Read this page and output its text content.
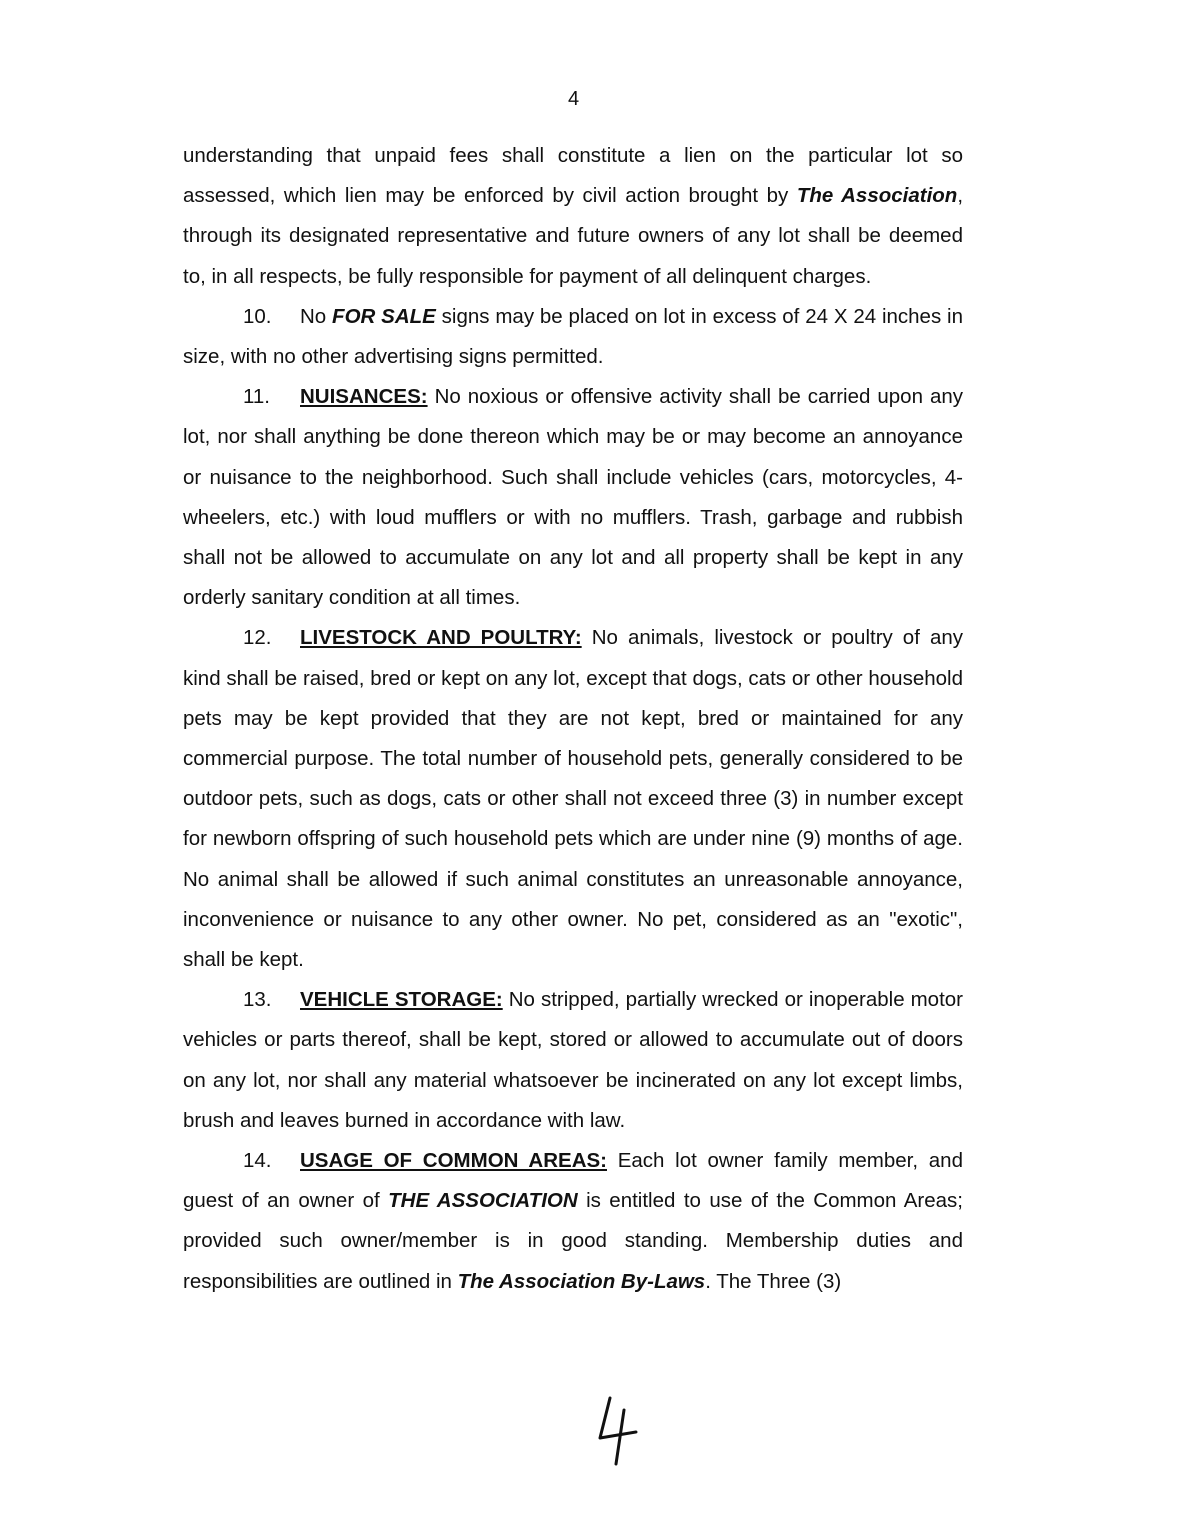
4

understanding that unpaid fees shall constitute a lien on the particular lot so assessed, which lien may be enforced by civil action brought by The Association, through its designated representative and future owners of any lot shall be deemed to, in all respects, be fully responsible for payment of all delinquent charges.

10. No FOR SALE signs may be placed on lot in excess of 24 X 24 inches in size, with no other advertising signs permitted.

11. NUISANCES: No noxious or offensive activity shall be carried upon any lot, nor shall anything be done thereon which may be or may become an annoyance or nuisance to the neighborhood. Such shall include vehicles (cars, motorcycles, 4-wheelers, etc.) with loud mufflers or with no mufflers. Trash, garbage and rubbish shall not be allowed to accumulate on any lot and all property shall be kept in any orderly sanitary condition at all times.

12. LIVESTOCK AND POULTRY: No animals, livestock or poultry of any kind shall be raised, bred or kept on any lot, except that dogs, cats or other household pets may be kept provided that they are not kept, bred or maintained for any commercial purpose. The total number of household pets, generally considered to be outdoor pets, such as dogs, cats or other shall not exceed three (3) in number except for newborn offspring of such household pets which are under nine (9) months of age. No animal shall be allowed if such animal constitutes an unreasonable annoyance, inconvenience or nuisance to any other owner. No pet, considered as an "exotic", shall be kept.

13. VEHICLE STORAGE: No stripped, partially wrecked or inoperable motor vehicles or parts thereof, shall be kept, stored or allowed to accumulate out of doors on any lot, nor shall any material whatsoever be incinerated on any lot except limbs, brush and leaves burned in accordance with law.

14. USAGE OF COMMON AREAS: Each lot owner family member, and guest of an owner of THE ASSOCIATION is entitled to use of the Common Areas; provided such owner/member is in good standing. Membership duties and responsibilities are outlined in The Association By-Laws. The Three (3)
